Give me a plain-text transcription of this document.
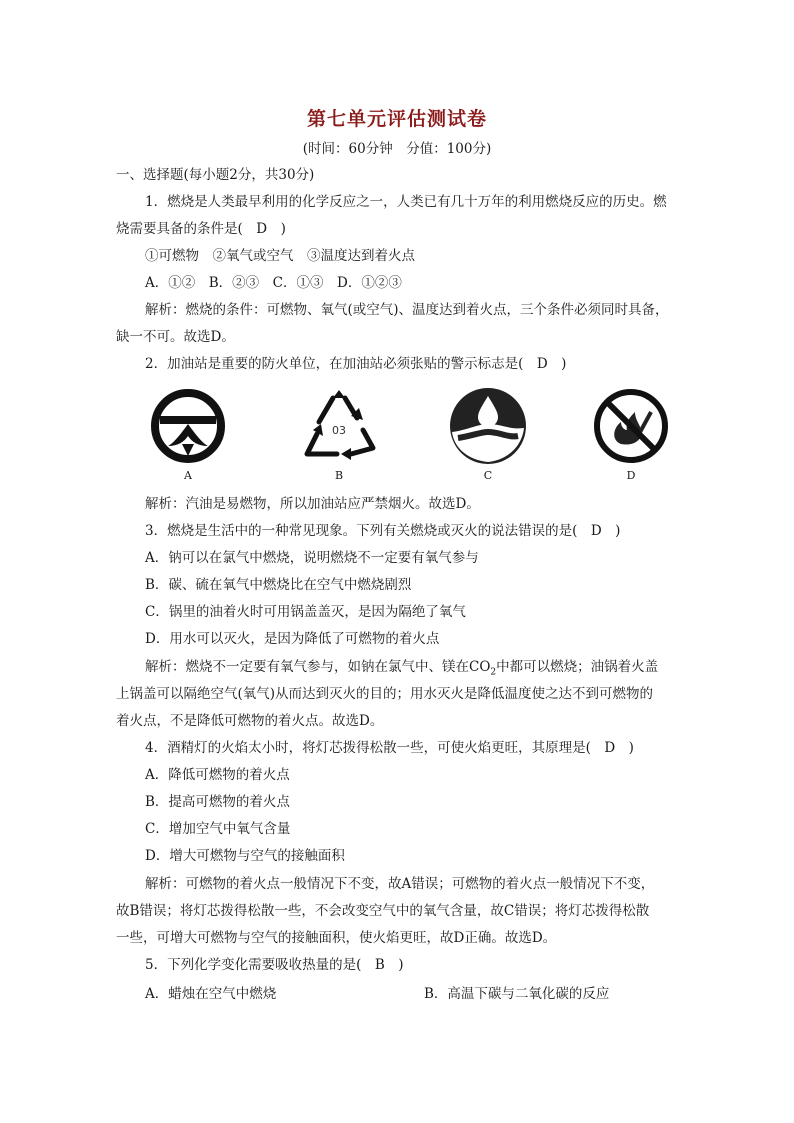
第七单元评估测试卷
(时间：60分钟　分值：100分)
一、选择题(每小题2分，共30分)
1．燃烧是人类最早利用的化学反应之一，人类已有几十万年的利用燃烧反应的历史。燃
烧需要具备的条件是(　D　)
①可燃物　②氧气或空气　③温度达到着火点
A．①②　B．②③　C．①③　D．①②③
解析：燃烧的条件：可燃物、氧气(或空气)、温度达到着火点，三个条件必须同时具备，
缺一不可。故选D。
2．加油站是重要的防火单位，在加油站必须张贴的警示标志是(　D　)
A
03
B	C	D
解析：汽油是易燃物，所以加油站应严禁烟火。故选D。
3．燃烧是生活中的一种常见现象。下列有关燃烧或灭火的说法错误的是(　D　)
A．钠可以在氯气中燃烧，说明燃烧不一定要有氧气参与
B．碳、硫在氧气中燃烧比在空气中燃烧剧烈
C．锅里的油着火时可用锅盖盖灭，是因为隔绝了氧气
D．用水可以灭火，是因为降低了可燃物的着火点
解析：燃烧不一定要有氧气参与，如钠在氯气中、镁在$CO_2$中都可以燃烧；油锅着火盖
上锅盖可以隔绝空气(氧气)从而达到灭火的目的；用水灭火是降低温度使之达不到可燃物的
着火点，不是降低可燃物的着火点。故选D。
4．酒精灯的火焰太小时，将灯芯拨得松散一些，可使火焰更旺，其原理是(　D　)
A．降低可燃物的着火点
B．提高可燃物的着火点
C．增加空气中氧气含量
D．增大可燃物与空气的接触面积
解析：可燃物的着火点一般情况下不变，故A错误；可燃物的着火点一般情况下不变，
故B错误；将灯芯拨得松散一些，不会改变空气中的氧气含量，故C错误；将灯芯拨得松散
一些，可增大可燃物与空气的接触面积，使火焰更旺，故D正确。故选D。
5．下列化学变化需要吸收热量的是(　B　)
A．蜡烛在空气中燃烧	B．高温下碳与二氧化碳的反应
